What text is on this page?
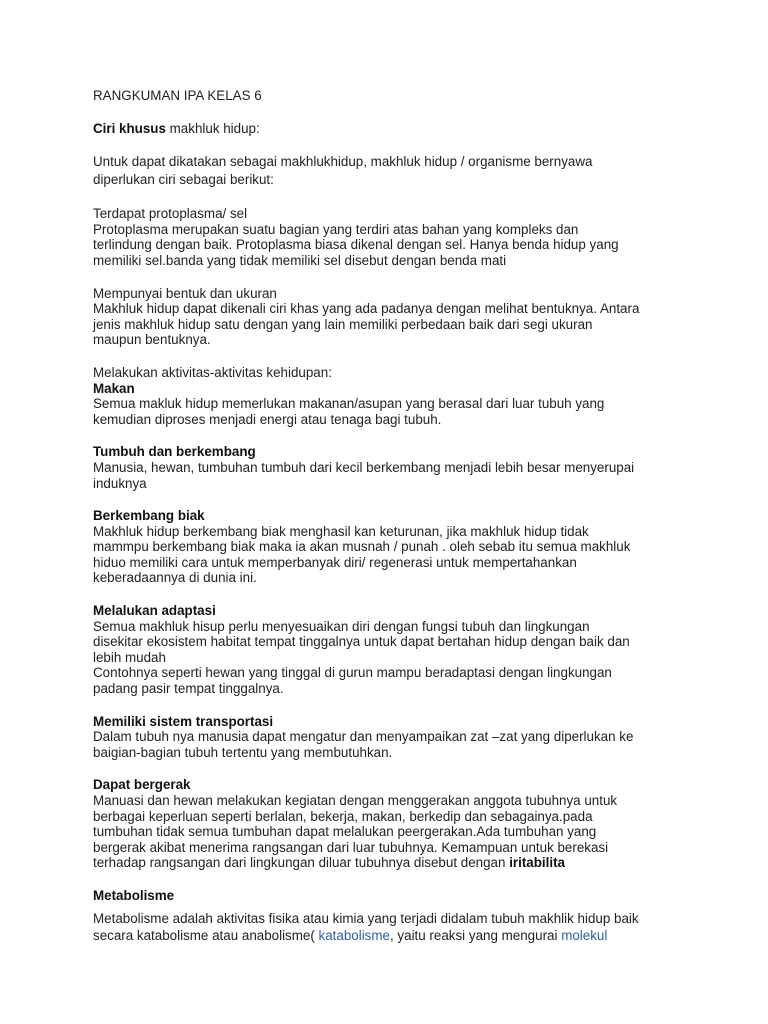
RANGKUMAN IPA KELAS 6

Ciri khusus makhluk hidup:

Untuk dapat dikatakan sebagai makhlukhidup, makhluk hidup / organisme bernyawa

diperlukan ciri sebagai berikut:

Terdapat protoplasma/ sel

Protoplasma merupakan suatu bagian yang terdiri atas bahan yang kompleks dan

terlindung dengan baik. Protoplasma biasa dikenal dengan sel. Hanya benda hidup yang

memiliki sel.banda yang tidak memiliki sel disebut dengan benda mati

Mempunyai bentuk dan ukuran

Makhluk hidup dapat dikenali ciri khas yang ada padanya dengan melihat bentuknya. Antara

jenis makhluk hidup satu dengan yang lain memiliki perbedaan baik dari segi ukuran

maupun bentuknya.

Melakukan aktivitas-aktivitas kehidupan:

Makan

Semua makluk hidup memerlukan makanan/asupan yang berasal dari luar tubuh yang

kemudian diproses menjadi energi atau tenaga bagi tubuh.

Tumbuh dan berkembang

Manusia, hewan, tumbuhan tumbuh dari kecil berkembang menjadi lebih besar menyerupai

induknya

Berkembang biak

Makhluk hidup berkembang biak menghasil kan keturunan, jika makhluk hidup tidak

mammpu berkembang biak maka ia akan musnah / punah . oleh sebab itu semua makhluk

hiduo memiliki cara untuk memperbanyak diri/ regenerasi untuk mempertahankan

keberadaannya di dunia ini.

Melalukan adaptasi

Semua makhluk hisup perlu menyesuaikan diri dengan fungsi tubuh dan lingkungan

disekitar ekosistem habitat tempat tinggalnya untuk dapat bertahan hidup dengan baik dan

lebih mudah

Contohnya seperti hewan yang tinggal di gurun mampu beradaptasi dengan lingkungan

padang pasir tempat tinggalnya.

Memiliki sistem transportasi

Dalam tubuh nya manusia dapat mengatur dan menyampaikan zat –zat yang diperlukan ke

baigian-bagian tubuh tertentu yang membutuhkan.

Dapat bergerak

Manuasi dan hewan melakukan kegiatan dengan menggerakan anggota tubuhnya untuk

berbagai keperluan seperti berlalan, bekerja, makan, berkedip dan sebagainya.pada

tumbuhan tidak semua tumbuhan dapat melalukan peergerakan.Ada tumbuhan yang

bergerak akibat menerima rangsangan dari luar tubuhnya. Kemampuan untuk berekasi

terhadap rangsangan dari lingkungan diluar tubuhnya disebut dengan iritabilita

Metabolisme

Metabolisme adalah aktivitas fisika atau kimia yang terjadi didalam tubuh makhlik hidup baik

secara katabolisme atau anabolisme( katabolisme, yaitu reaksi yang mengurai molekul
